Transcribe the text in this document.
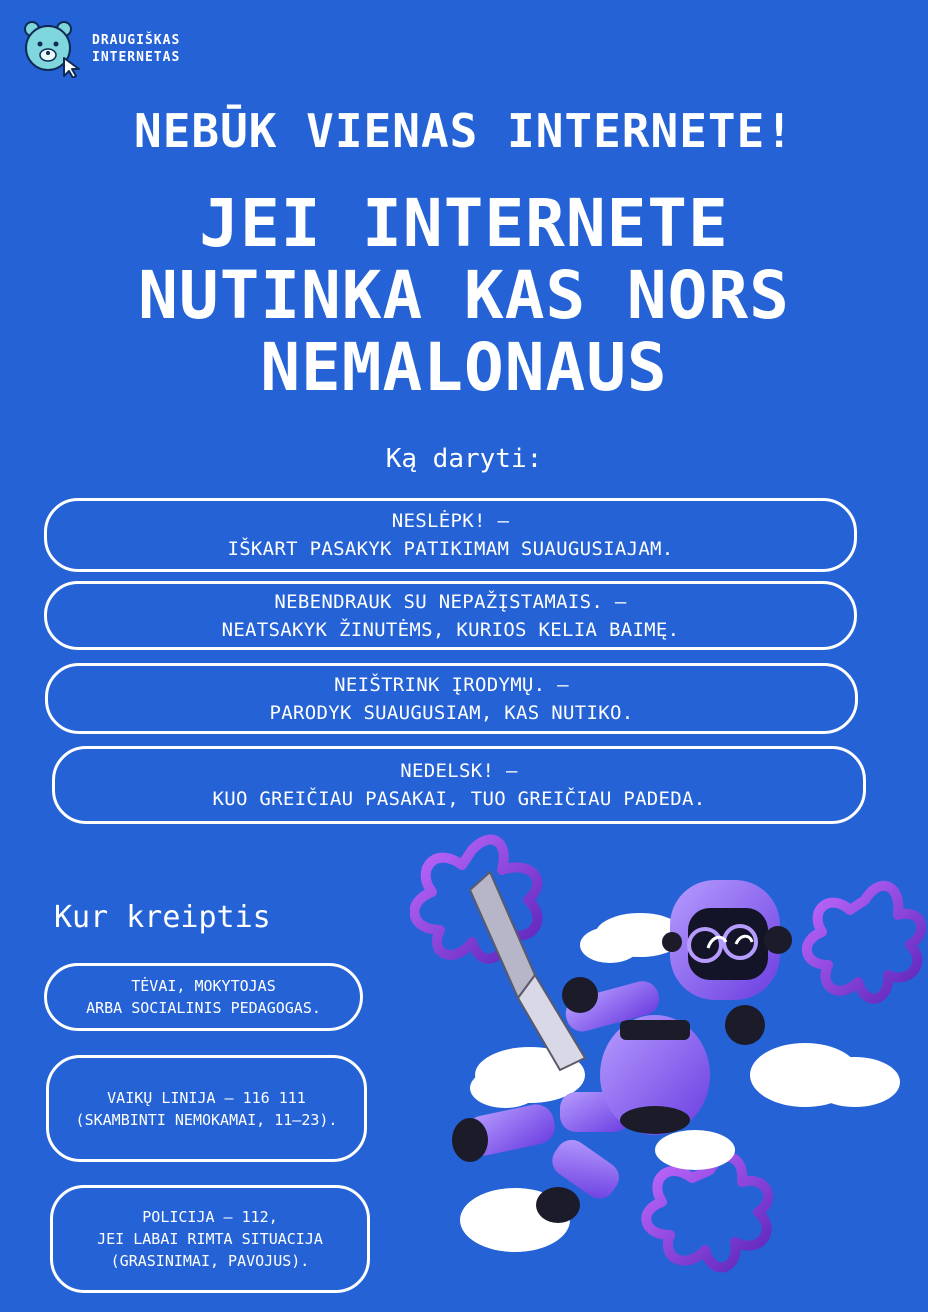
DRAUGIŠKAS
INTERNETAS
NEBŪK VIENAS INTERNETE!
JEI INTERNETE
NUTINKA KAS NORS
NEMALONAUS
Ką daryti:
NESLĖPK! –
IŠKART PASAKYK PATIKIMAM SUAUGUSIAJAM.
NEBENDRAUK SU NEPAŽĮSTAMAIS. –
NEATSAKYK ŽINUTĖMS, KURIOS KELIA BAIMĘ.
NEIŠTRINK ĮRODYMŲ. –
PARODYK SUAUGUSIAM, KAS NUTIKO.
NEDELSK! –
KUO GREIČIAU PASAKAI, TUO GREIČIAU PADEDA.
Kur kreiptis
TĖVAI, MOKYTOJAS
ARBA SOCIALINIS PEDAGOGAS.
VAIKŲ LINIJA – 116 111
(SKAMBINTI NEMOKAMAI, 11–23).
POLICIJA – 112,
JEI LABAI RIMTA SITUACIJA
(GRASINIMAI, PAVOJUS).
